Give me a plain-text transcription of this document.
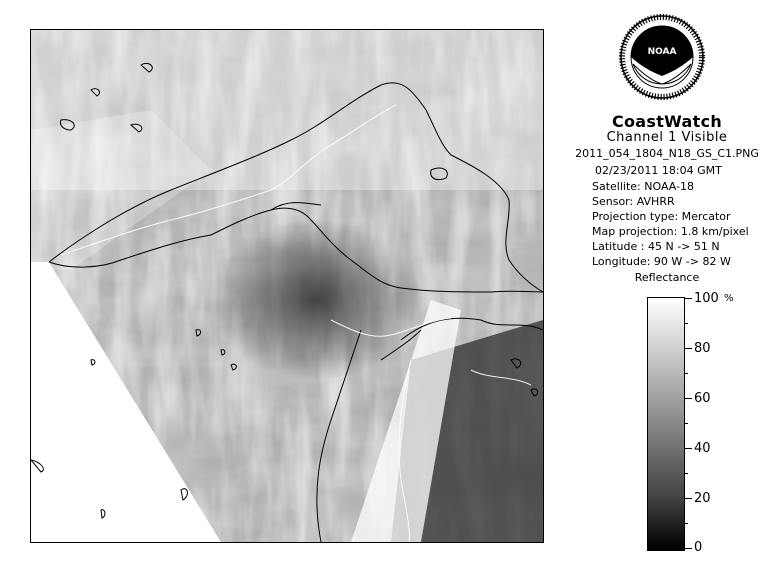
NOAA
CoastWatch
Channel 1 Visible
2011_054_1804_N18_GS_C1.PNG
02/23/2011 18:04 GMT
Satellite: NOAA-18
Sensor: AVHRR
Projection type: Mercator
Map projection: 1.8 km/pixel
Latitude : 45 N -> 51 N
Longitude: 90 W -> 82 W
Reflectance
%
100
80
60
40
20
0
